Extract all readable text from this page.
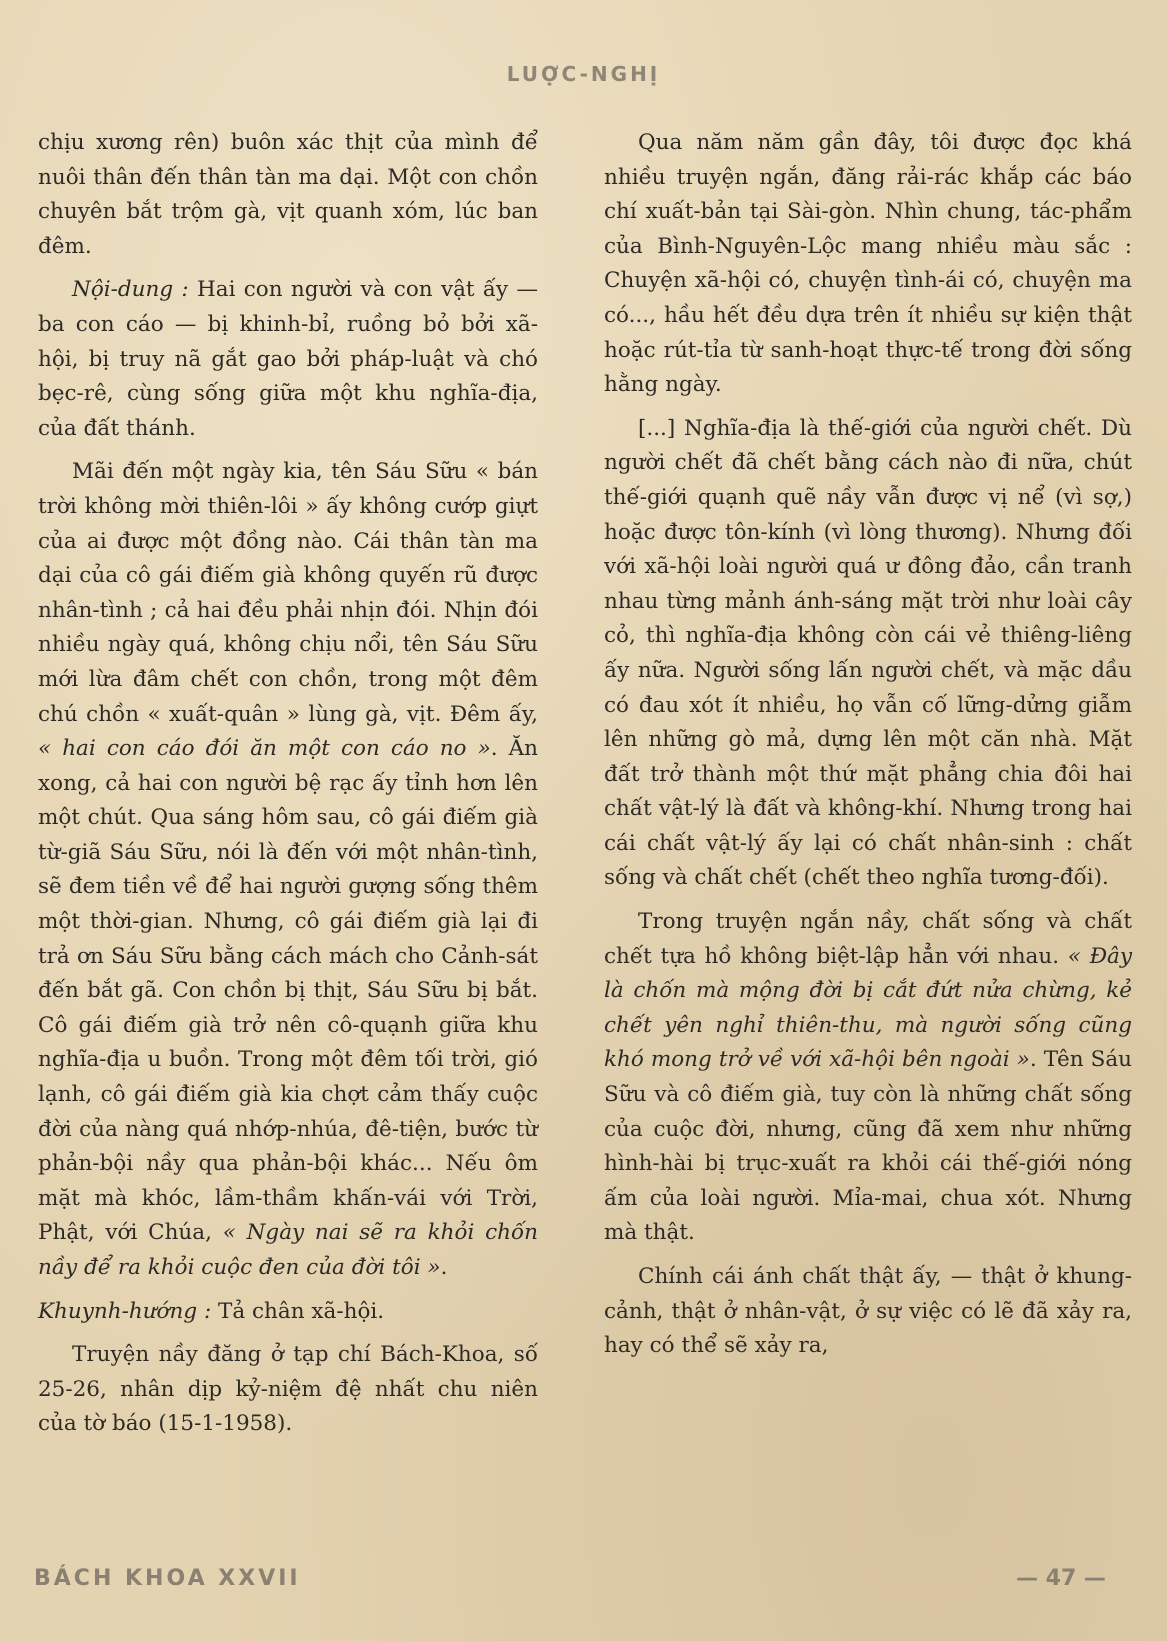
LUỢC-NGHỊ

chịu xương rên) buôn xác thịt của mình để nuôi thân đến thân tàn ma dại. Một con chồn chuyên bắt trộm gà, vịt quanh xóm, lúc ban đêm.

Nội-dung : Hai con người và con vật ấy — ba con cáo — bị khinh-bỉ, ruồng bỏ bởi xã-hội, bị truy nã gắt gao bởi pháp-luật và chó bẹc-rê, cùng sống giữa một khu nghĩa-địa, của đất thánh.

Mãi đến một ngày kia, tên Sáu Sữu « bán trời không mời thiên-lôi » ấy không cướp giựt của ai được một đồng nào. Cái thân tàn ma dại của cô gái điếm già không quyến rũ được nhân-tình ; cả hai đều phải nhịn đói. Nhịn đói nhiều ngày quá, không chịu nổi, tên Sáu Sữu mới lừa đâm chết con chồn, trong một đêm chú chồn « xuất-quân » lùng gà, vịt. Đêm ấy, « hai con cáo đói ăn một con cáo no ». Ăn xong, cả hai con người bệ rạc ấy tỉnh hơn lên một chút. Qua sáng hôm sau, cô gái điếm già từ-giã Sáu Sữu, nói là đến với một nhân-tình, sẽ đem tiền về để hai người gượng sống thêm một thời-gian. Nhưng, cô gái điếm già lại đi trả ơn Sáu Sữu bằng cách mách cho Cảnh-sát đến bắt gã. Con chồn bị thịt, Sáu Sữu bị bắt. Cô gái điếm già trở nên cô-quạnh giữa khu nghĩa-địa u buồn. Trong một đêm tối trời, gió lạnh, cô gái điếm già kia chợt cảm thấy cuộc đời của nàng quá nhớp-nhúa, đê-tiện, bước từ phản-bội nầy qua phản-bội khác... Nếu ôm mặt mà khóc, lầm-thầm khấn-vái với Trời, Phật, với Chúa, « Ngày nai sẽ ra khỏi chốn nầy để ra khỏi cuộc đen của đời tôi ».

Khuynh-hướng : Tả chân xã-hội.

Truyện nầy đăng ở tạp chí Bách-Khoa, số 25-26, nhân dịp kỷ-niệm đệ nhất chu niên của tờ báo (15-1-1958).

Qua năm năm gần đây, tôi được đọc khá nhiều truyện ngắn, đăng rải-rác khắp các báo chí xuất-bản tại Sài-gòn. Nhìn chung, tác-phẩm của Bình-Nguyên-Lộc mang nhiều màu sắc : Chuyện xã-hội có, chuyện tình-ái có, chuyện ma có..., hầu hết đều dựa trên ít nhiều sự kiện thật hoặc rút-tỉa từ sanh-hoạt thực-tế trong đời sống hằng ngày.

[...] Nghĩa-địa là thế-giới của người chết. Dù người chết đã chết bằng cách nào đi nữa, chút thế-giới quạnh quẽ nầy vẫn được vị nể (vì sợ,) hoặc được tôn-kính (vì lòng thương). Nhưng đối với xã-hội loài người quá ư đông đảo, cần tranh nhau từng mảnh ánh-sáng mặt trời như loài cây cỏ, thì nghĩa-địa không còn cái vẻ thiêng-liêng ấy nữa. Người sống lấn người chết, và mặc dầu có đau xót ít nhiều, họ vẫn cố lững-dửng giẫm lên những gò mả, dựng lên một căn nhà. Mặt đất trở thành một thứ mặt phẳng chia đôi hai chất vật-lý là đất và không-khí. Nhưng trong hai cái chất vật-lý ấy lại có chất nhân-sinh : chất sống và chất chết (chết theo nghĩa tương-đối).

Trong truyện ngắn nầy, chất sống và chất chết tựa hồ không biệt-lập hẳn với nhau. « Đây là chốn mà mộng đời bị cắt đứt nửa chừng, kẻ chết yên nghỉ thiên-thu, mà người sống cũng khó mong trở về với xã-hội bên ngoài ». Tên Sáu Sữu và cô điếm già, tuy còn là những chất sống của cuộc đời, nhưng, cũng đã xem như những hình-hài bị trục-xuất ra khỏi cái thế-giới nóng ấm của loài người. Mỉa-mai, chua xót. Nhưng mà thật.

Chính cái ánh chất thật ấy, — thật ở khung-cảnh, thật ở nhân-vật, ở sự việc có lẽ đã xảy ra, hay có thể sẽ xảy ra,

BÁCH KHOA XXVII	— 47 —
